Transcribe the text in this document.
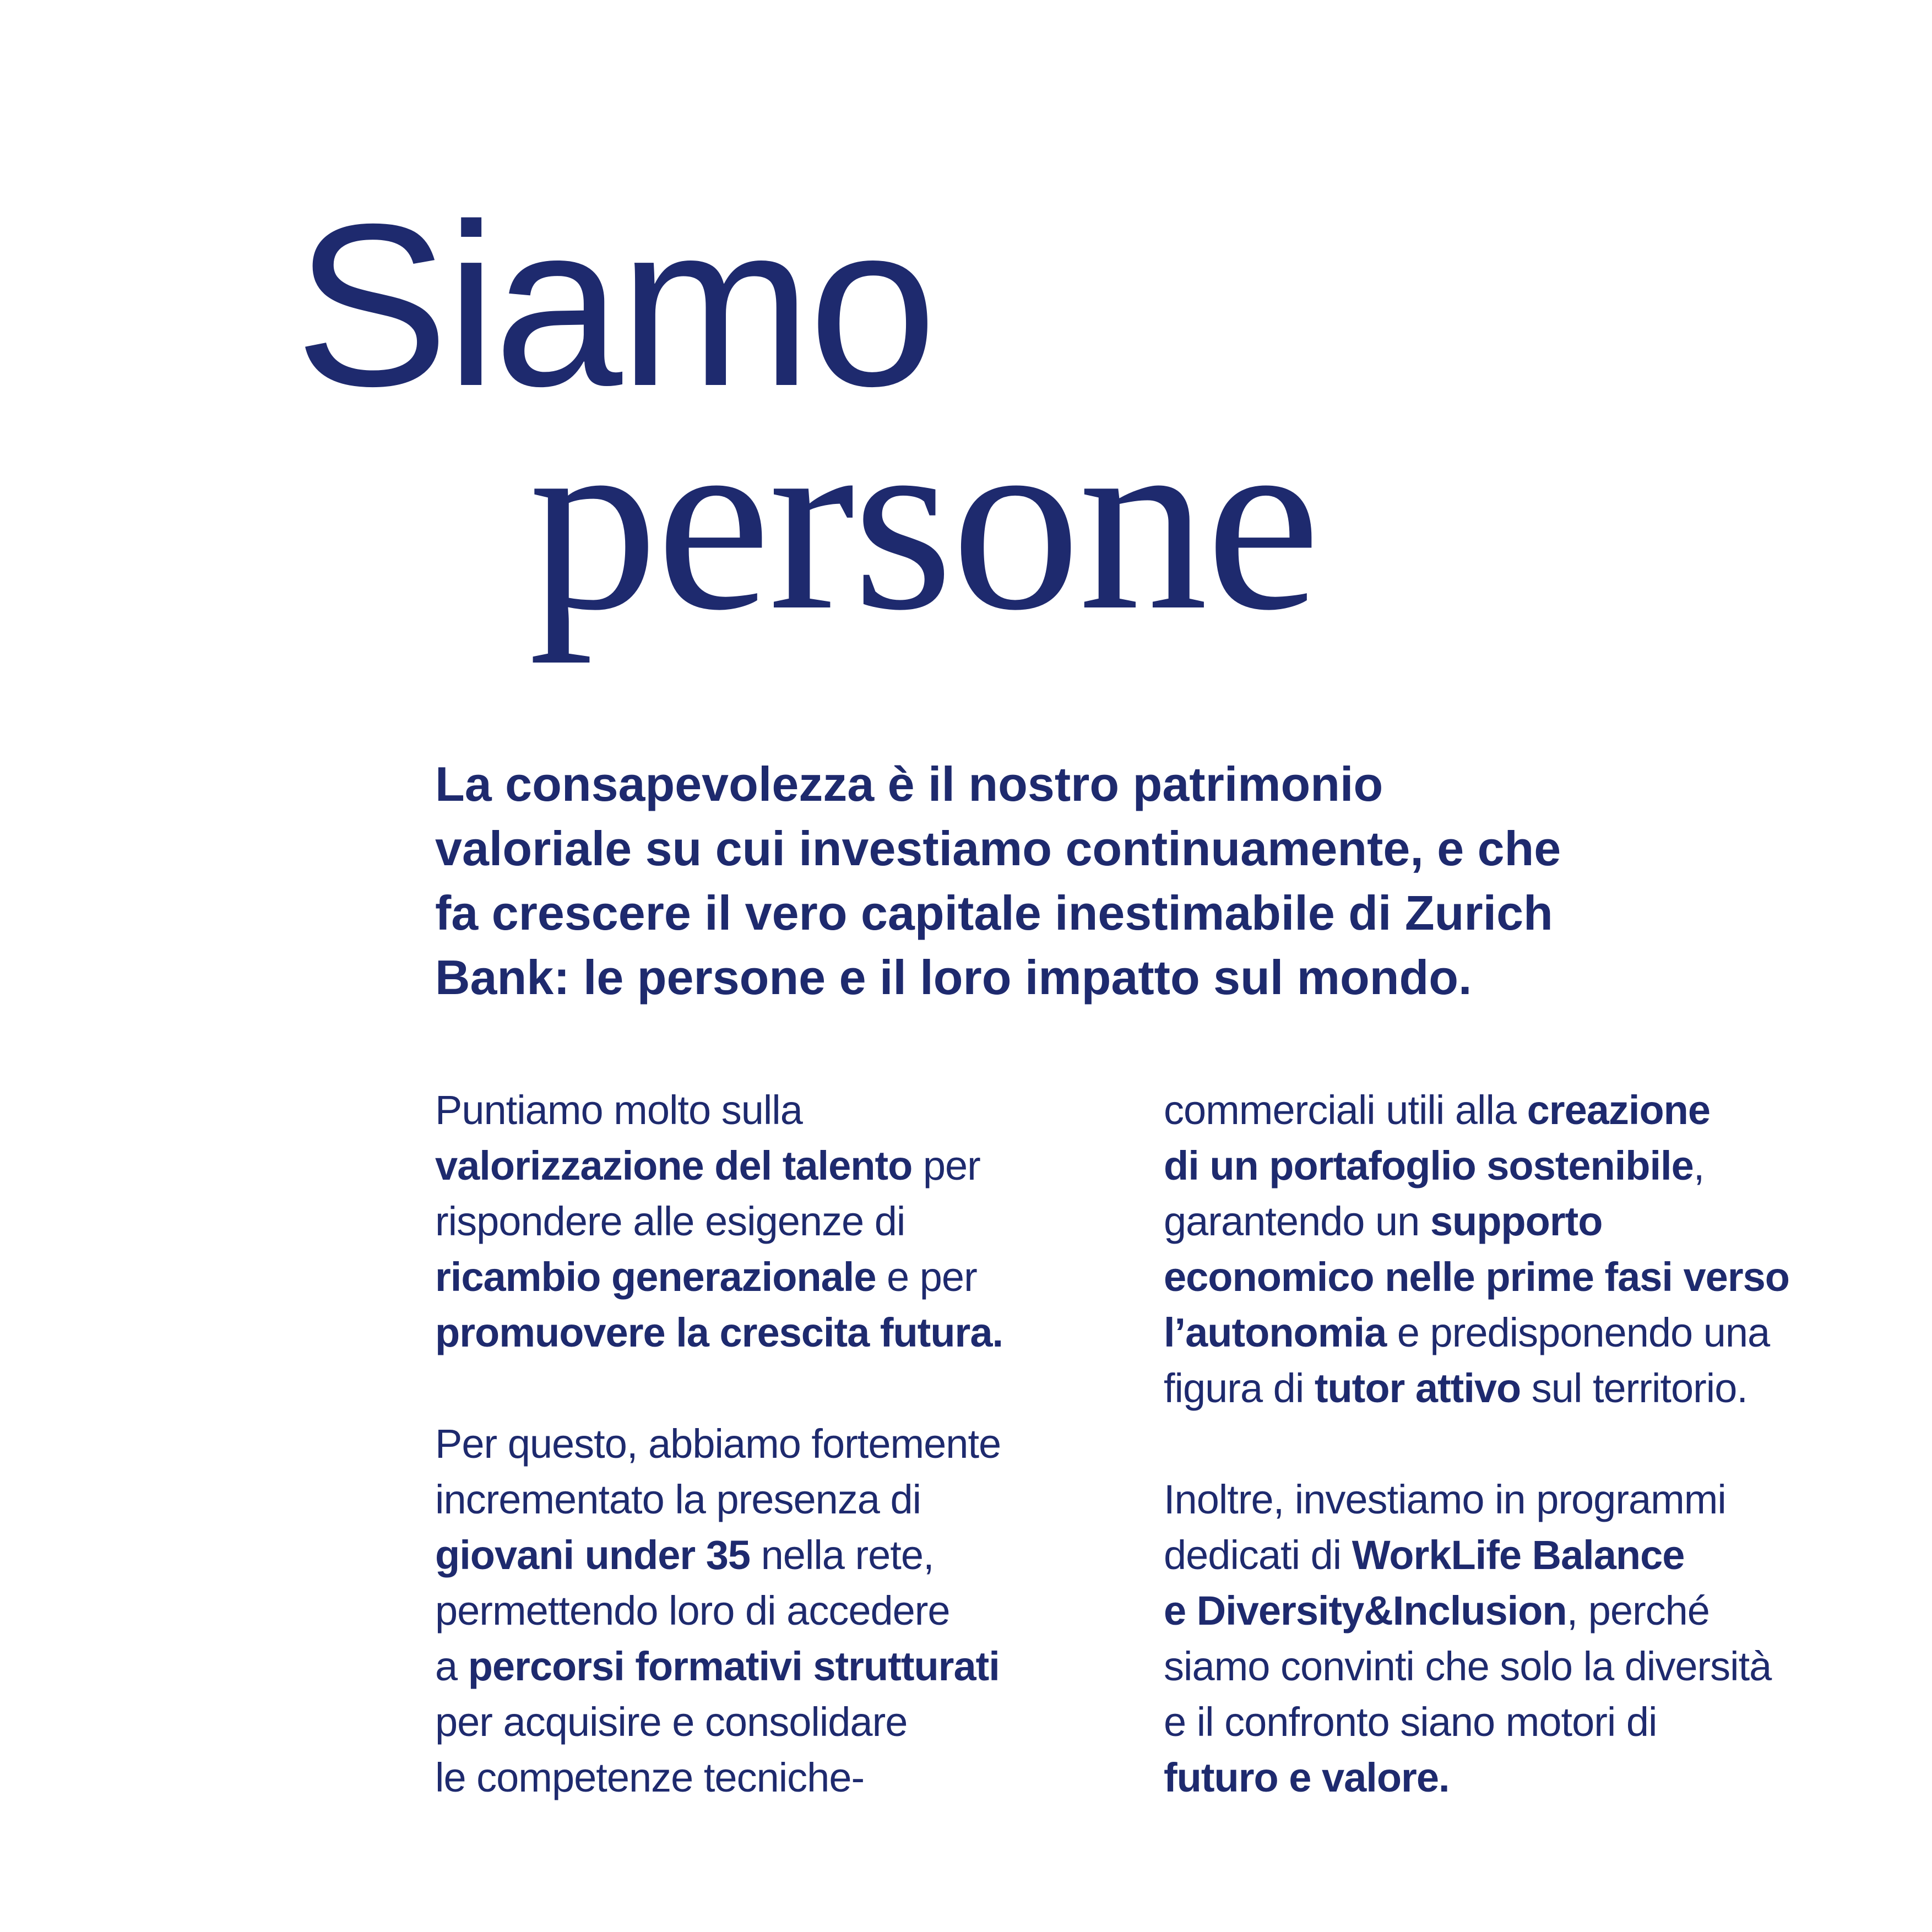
Siamo
persone

La consapevolezza è il nostro patrimonio
valoriale su cui investiamo continuamente, e che
fa crescere il vero capitale inestimabile di Zurich
Bank: le persone e il loro impatto sul mondo.

Puntiamo molto sulla
valorizzazione del talento per
rispondere alle esigenze di
ricambio generazionale e per
promuovere la crescita futura.
Per questo, abbiamo fortemente
incrementato la presenza di
giovani under 35 nella rete,
permettendo loro di accedere
a percorsi formativi strutturati
per acquisire e consolidare
le competenze tecniche-
commerciali utili alla creazione
di un portafoglio sostenibile,
garantendo un supporto
economico nelle prime fasi verso
l’autonomia e predisponendo una
figura di tutor attivo sul territorio.
Inoltre, investiamo in programmi
dedicati di WorkLife Balance
e Diversity&Inclusion, perché
siamo convinti che solo la diversità
e il confronto siano motori di
futuro e valore.
